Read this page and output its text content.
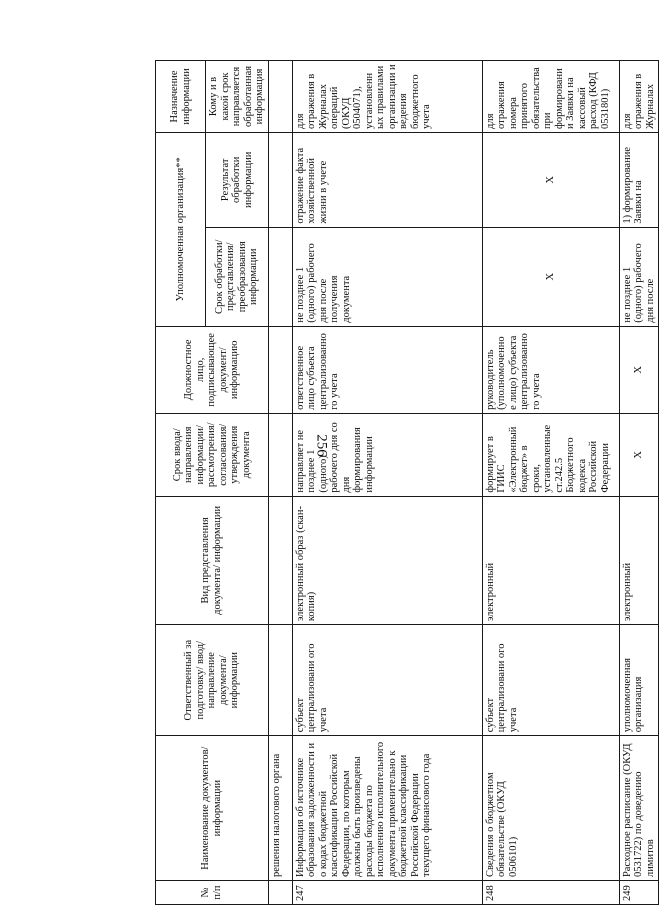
256
№ п/п	Наименование документов/информации	Ответственный за подготовку/ ввод/ направление документа/ информации	Вид представления документа/ информации	Срок ввода/ направления информации/ рассмотрения/ согласования/ утверждения документа	Должностное лицо, подписывающее документ/ информацию	Уполномоченная организация**		Назначение информации
						Срок обработки/ представления/ преобразования информации	Результат обработки информации	Кому и в какой срок направляется обработанная информация
	решения налогового органа							
247	Информация об источнике образования задолженности и о кодах бюджетной классификации Российской Федерации, по которым должны быть произведены расходы бюджета по исполнению исполнительного документа применительно к бюджетной классификации Российской Федерации текущего финансового года	субъект централизовани ого учета	электронный образ (скан-копия)	направляет не позднее 1 (одного) рабочего дня со дня формирования информации	ответственное лицо субъекта централизованно го учета	не позднее 1 (одного) рабочего дня после получения документа	отражение факта хозяйственной жизни в учете	для отражения в Журналах операций (ОКУД 0504071), установленн ых правилами организации и ведения бюджетного учета
248	Сведения о бюджетном обязательстве (ОКУД 0506101)	субъект централизовани ого учета	электронный	формирует в ГИИС «Электронный бюджет» в сроки, установленные ст.242.5 Бюджетного кодекса Российской Федерации	руководитель (уполномоченно е лицо) субъекта централизованно го учета	X	X	для отражения номера принятого обязательства при формировани и Заявки на кассовый расход (КФД 0531801)
249	Расходное расписание (ОКУД 0531722) по доведению лимитов	уполномоченная организация	электронный	X	X	не позднее 1 (одного) рабочего дня после	1) формирование Заявки на	для отражения в Журналах
